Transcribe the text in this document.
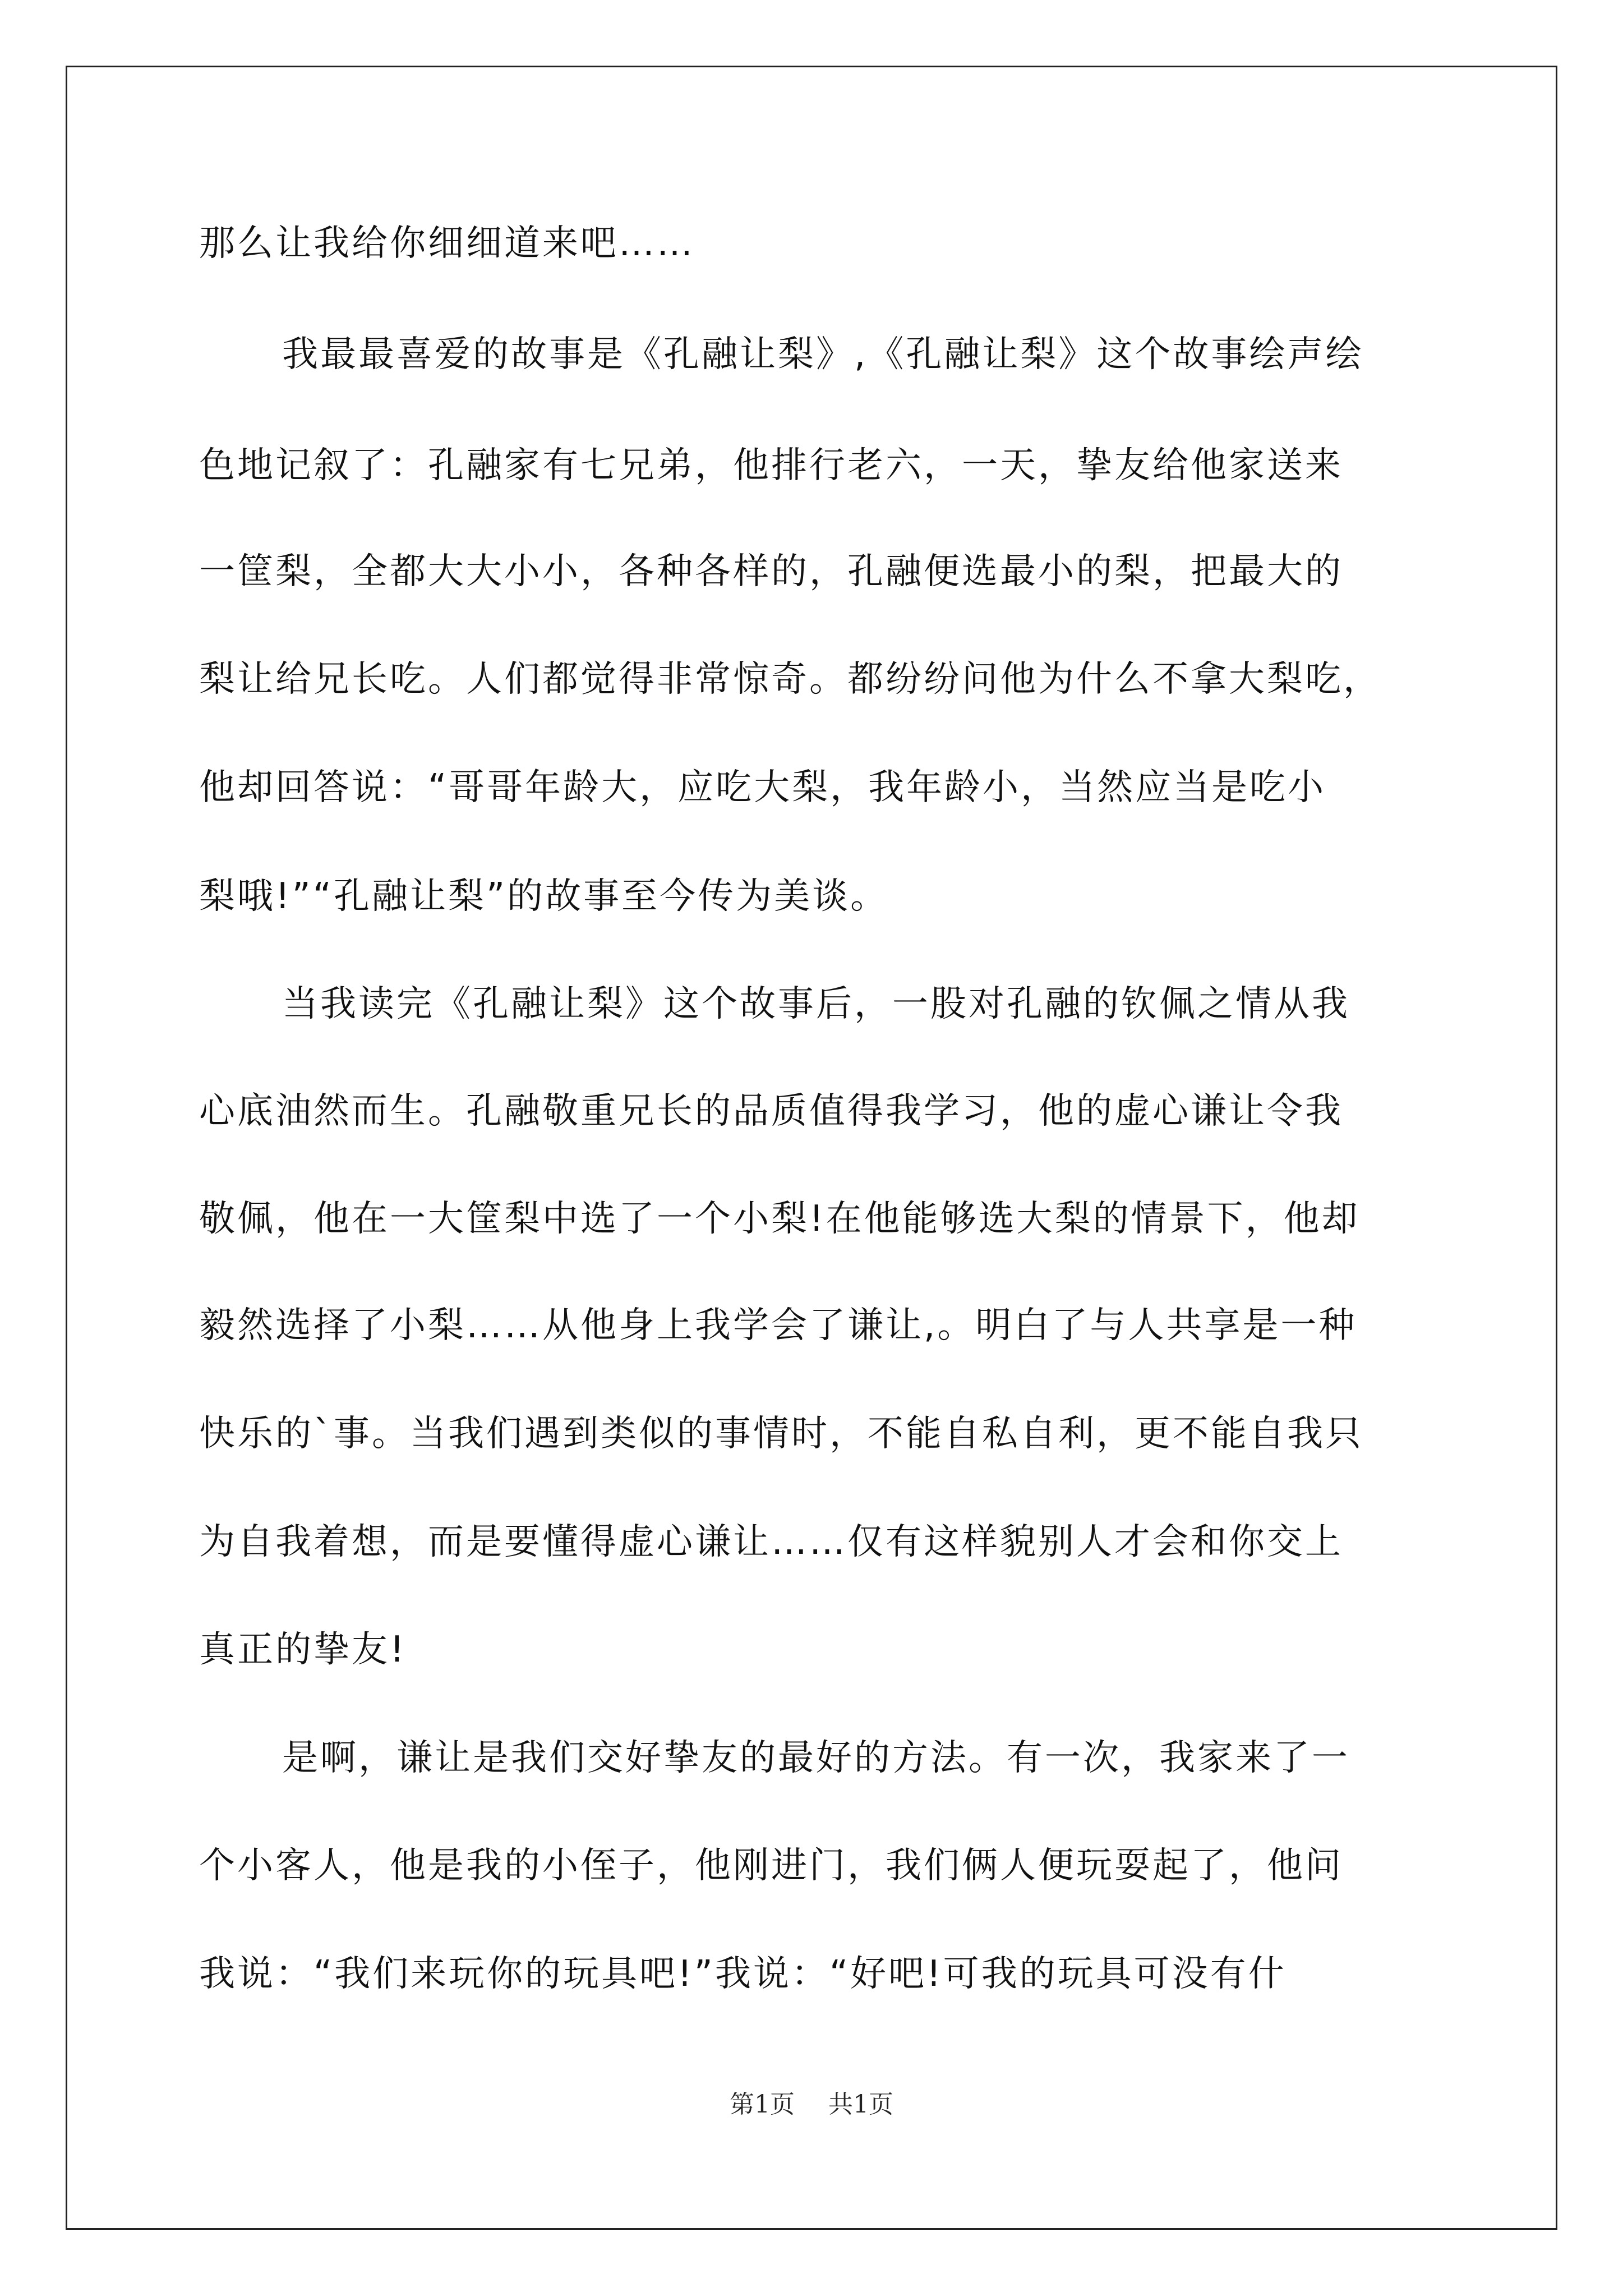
那么让我给你细细道来吧……
我最最喜爱的故事是《孔融让梨》,《孔融让梨》这个故事绘声绘
色地记叙了：孔融家有七兄弟，他排行老六，一天，挚友给他家送来
一筐梨，全都大大小小，各种各样的，孔融便选最小的梨，把最大的
梨让给兄长吃。人们都觉得非常惊奇。都纷纷问他为什么不拿大梨吃，
他却回答说：“哥哥年龄大，应吃大梨，我年龄小，当然应当是吃小
梨哦!”“孔融让梨”的故事至今传为美谈。
当我读完《孔融让梨》这个故事后，一股对孔融的钦佩之情从我
心底油然而生。孔融敬重兄长的品质值得我学习，他的虚心谦让令我
敬佩，他在一大筐梨中选了一个小梨!在他能够选大梨的情景下，他却
毅然选择了小梨……从他身上我学会了谦让,。明白了与人共享是一种
快乐的`事。当我们遇到类似的事情时，不能自私自利，更不能自我只
为自我着想，而是要懂得虚心谦让……仅有这样貌别人才会和你交上
真正的挚友!
是啊，谦让是我们交好挚友的最好的方法。有一次，我家来了一
个小客人，他是我的小侄子，他刚进门，我们俩人便玩耍起了，他问
我说：“我们来玩你的玩具吧!”我说：“好吧!可我的玩具可没有什
第1页 共1页
